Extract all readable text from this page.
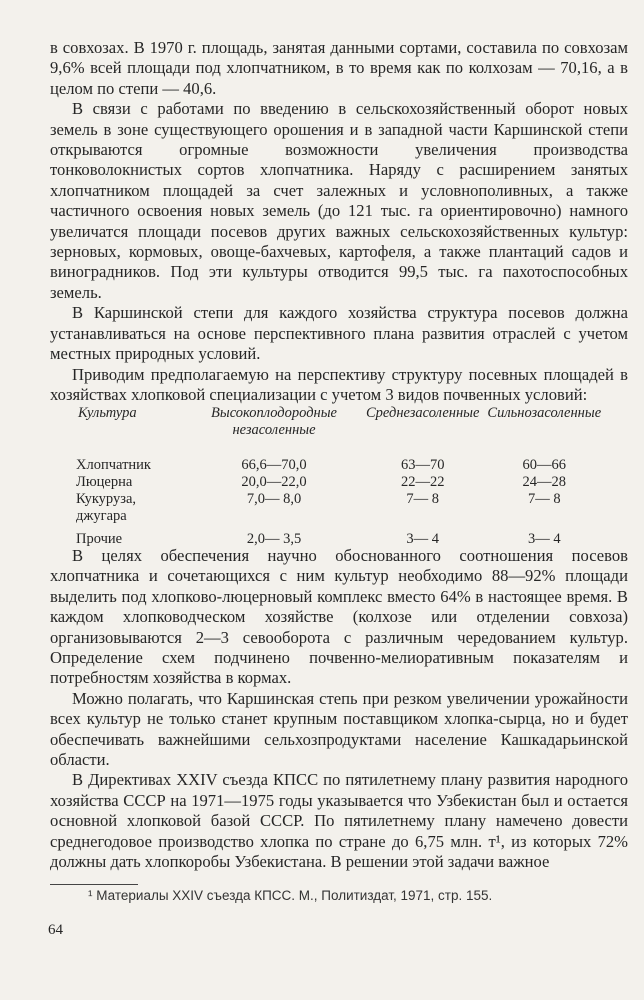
в совхозах. В 1970 г. площадь, занятая данными сортами, составила по совхозам 9,6% всей площади под хлопчатником, в то время как по колхозам — 70,16, а в целом по степи — 40,6.

В связи с работами по введению в сельскохозяйственный оборот новых земель в зоне существующего орошения и в западной части Каршинской степи открываются огромные возможности увеличения производства тонковолокнистых сортов хлопчатника. Наряду с расширением занятых хлопчатником площадей за счет залежных и условнополивных, а также частичного освоения новых земель (до 121 тыс. га ориентировочно) намного увеличатся площади посевов других важных сельскохозяйственных культур: зерновых, кормовых, овоще-бахчевых, картофеля, а также плантаций садов и виноградников. Под эти культуры отводится 99,5 тыс. га пахотоспособных земель.

В Каршинской степи для каждого хозяйства структура посевов должна устанавливаться на основе перспективного плана развития отраслей с учетом местных природных условий.

Приводим предполагаемую на перспективу структуру посевных площадей в хозяйствах хлопковой специализации с учетом 3 видов почвенных условий:

Культура	Высокоплодородные незасоленные	Среднезасоленные	Сильнозасоленные
Хлопчатник	66,6—70,0	63—70	60—66
Люцерна	20,0—22,0	22—22	24—28
Кукуруза,	7,0— 8,0	7— 8	7— 8
джугара			
Прочие	2,0— 3,5	3— 4	3— 4

В целях обеспечения научно обоснованного соотношения посевов хлопчатника и сочетающихся с ним культур необходимо 88—92% площади выделить под хлопково-люцерновый комплекс вместо 64% в настоящее время. В каждом хлопководческом хозяйстве (колхозе или отделении совхоза) организовываются 2—3 севооборота с различным чередованием культур. Определение схем подчинено почвенно-мелиоративным показателям и потребностям хозяйства в кормах.

Можно полагать, что Каршинская степь при резком увеличении урожайности всех культур не только станет крупным поставщиком хлопка-сырца, но и будет обеспечивать важнейшими сельхозпродуктами население Кашкадарьинской области.

В Директивах XXIV съезда КПСС по пятилетнему плану развития народного хозяйства СССР на 1971—1975 годы указывается что Узбекистан был и остается основной хлопковой базой СССР. По пятилетнему плану намечено довести среднегодовое производство хлопка по стране до 6,75 млн. т¹, из которых 72% должны дать хлопкоробы Узбекистана. В решении этой задачи важное

¹ Материалы XXIV съезда КПСС. М., Политиздат, 1971, стр. 155.
64
